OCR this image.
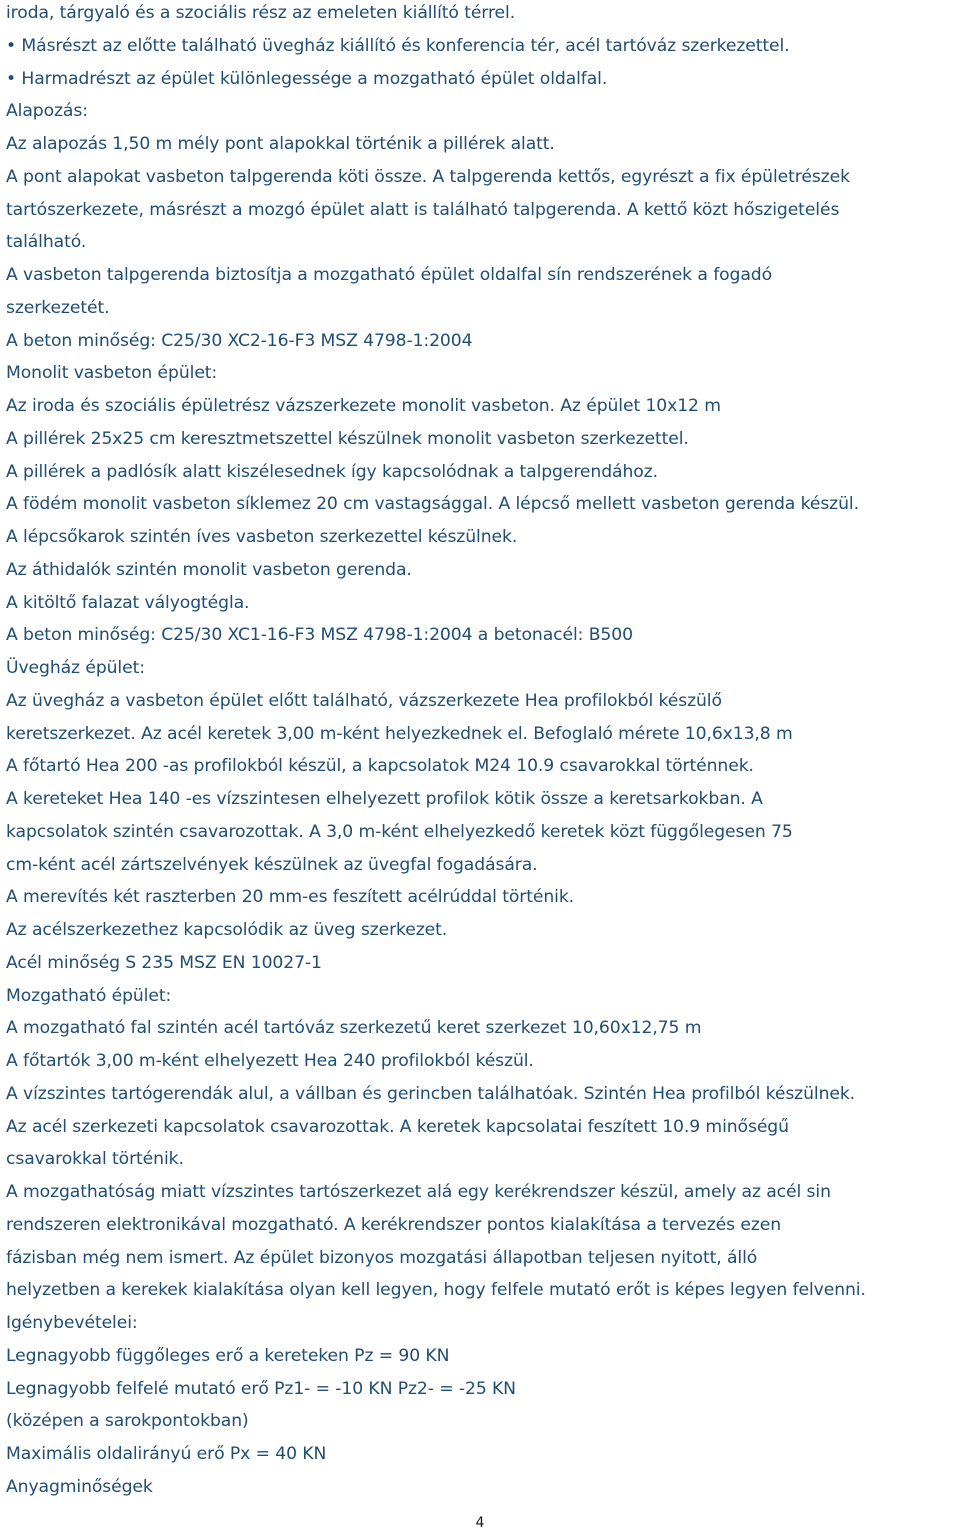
iroda, tárgyaló és a szociális rész az emeleten kiállító térrel.
• Másrészt az előtte található üvegház kiállító és konferencia tér, acél tartóváz szerkezettel.
• Harmadrészt az épület különlegessége a mozgatható épület oldalfal.
Alapozás:
Az alapozás 1,50 m mély pont alapokkal történik a pillérek alatt.
A pont alapokat vasbeton talpgerenda köti össze. A talpgerenda kettős, egyrészt a fix épületrészek
tartószerkezete, másrészt a mozgó épület alatt is található talpgerenda. A kettő közt hőszigetelés
található.
A vasbeton talpgerenda biztosítja a mozgatható épület oldalfal sín rendszerének a fogadó
szerkezetét.
A beton minőség: C25/30 XC2-16-F3 MSZ 4798-1:2004
Monolit vasbeton épület:
Az iroda és szociális épületrész vázszerkezete monolit vasbeton. Az épület 10x12 m
A pillérek 25x25 cm keresztmetszettel készülnek monolit vasbeton szerkezettel.
A pillérek a padlósík alatt kiszélesednek így kapcsolódnak a talpgerendához.
A födém monolit vasbeton síklemez 20 cm vastagsággal. A lépcső mellett vasbeton gerenda készül.
A lépcsőkarok szintén íves vasbeton szerkezettel készülnek.
Az áthidalók szintén monolit vasbeton gerenda.
A kitöltő falazat vályogtégla.
A beton minőség: C25/30 XC1-16-F3 MSZ 4798-1:2004 a betonacél: B500
Üvegház épület:
Az üvegház a vasbeton épület előtt található, vázszerkezete Hea profilokból készülő
keretszerkezet. Az acél keretek 3,00 m-ként helyezkednek el. Befoglaló mérete 10,6x13,8 m
A főtartó Hea 200 -as profilokból készül, a kapcsolatok M24 10.9 csavarokkal történnek.
A kereteket Hea 140 -es vízszintesen elhelyezett profilok kötik össze a keretsarkokban. A
kapcsolatok szintén csavarozottak. A 3,0 m-ként elhelyezkedő keretek közt függőlegesen 75
cm-ként acél zártszelvények készülnek az üvegfal fogadására.
A merevítés két raszterben 20 mm-es feszített acélrúddal történik.
Az acélszerkezethez kapcsolódik az üveg szerkezet.
Acél minőség S 235 MSZ EN 10027-1
Mozgatható épület:
A mozgatható fal szintén acél tartóváz szerkezetű keret szerkezet 10,60x12,75 m
A főtartók 3,00 m-ként elhelyezett Hea 240 profilokból készül.
A vízszintes tartógerendák alul, a vállban és gerincben találhatóak. Szintén Hea profilból készülnek.
Az acél szerkezeti kapcsolatok csavarozottak. A keretek kapcsolatai feszített 10.9 minőségű
csavarokkal történik.
A mozgathatóság miatt vízszintes tartószerkezet alá egy kerékrendszer készül, amely az acél sin
rendszeren elektronikával mozgatható. A kerékrendszer pontos kialakítása a tervezés ezen
fázisban még nem ismert. Az épület bizonyos mozgatási állapotban teljesen nyitott, álló
helyzetben a kerekek kialakítása olyan kell legyen, hogy felfele mutató erőt is képes legyen felvenni.
Igénybevételei:
Legnagyobb függőleges erő a kereteken Pz = 90 KN
Legnagyobb felfelé mutató erő Pz1- = -10 KN Pz2- = -25 KN
(középen a sarokpontokban)
Maximális oldalirányú erő Px = 40 KN
Anyagminőségek
4
